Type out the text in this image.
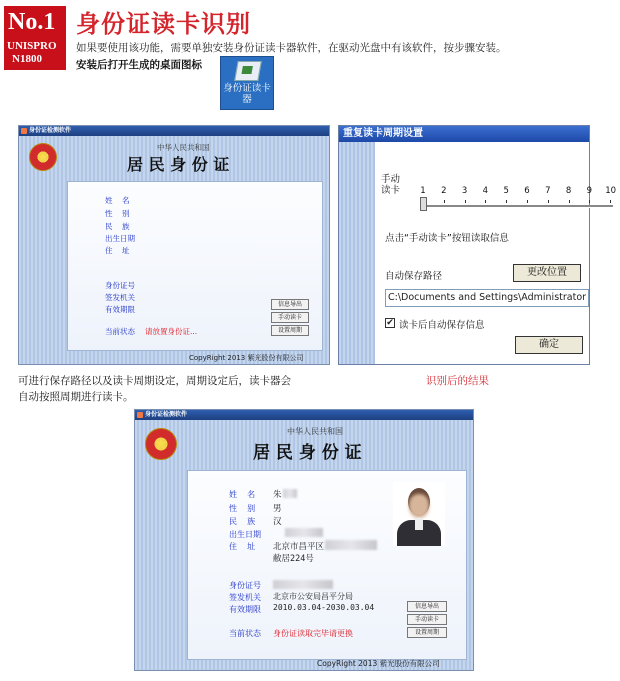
No.1
UNISPRO
N1800
身份证读卡识别
如果要使用该功能，需要单独安装身份证读卡器软件，在驱动光盘中有该软件，按步骤安装。
安装后打开生成的桌面图标
身份证读卡器
身份证检测软件
★
中华人民共和国
居 民 身 份 证
姓    名
性    别
民    族
出生日期
住    址
身份证号
签发机关
有效期限
当前状态 请放置身份证...
信息导出
手动读卡
设置周期
CopyRight 2013 紫光股份有限公司
重复读卡周期设置
手动
读卡 1 2 3 4 5 6 7 8 9 10
点击“手动读卡”按钮读取信息
自动保存路径	更改位置
C:\Documents and Settings\Administrator
✔ 读卡后自动保存信息
确定
可进行保存路径以及读卡周期设定，周期设定后，读卡器会
自动按照周期进行读卡。
识别后的结果
身份证检测软件
★
中华人民共和国
居 民 身 份 证
姓    名 朱
性    别 男
民    族 汉
出生日期
住    址 北京市昌平区
敝居224号
身份证号
签发机关 北京市公安局昌平分局
有效期限 2010.03.04-2030.03.04
当前状态 身份证读取完毕请更换
信息导出
手动读卡
设置周期
CopyRight 2013 紫光股份有限公司
